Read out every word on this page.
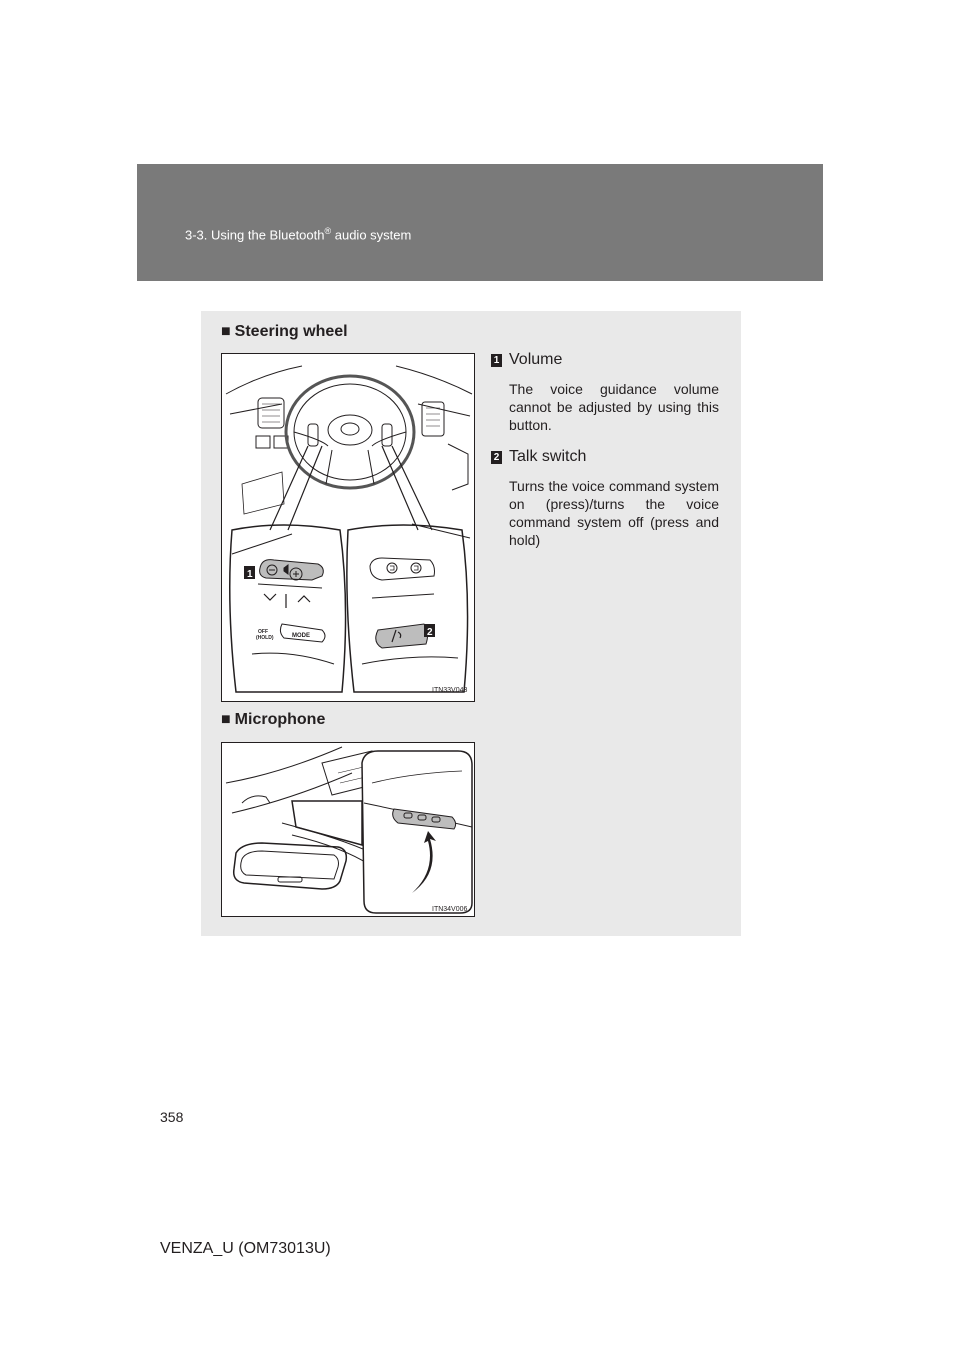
3-3. Using the Bluetooth® audio system
■ Steering wheel
OFF
(HOLD)	MODE
1
2
ITN33V043
■ Microphone
ITN34V006
1 Volume
The voice guidance volume cannot be adjusted by using this button.
2 Talk switch
Turns the voice command system on (press)/turns the voice command system off (press and hold)
358
VENZA_U (OM73013U)
